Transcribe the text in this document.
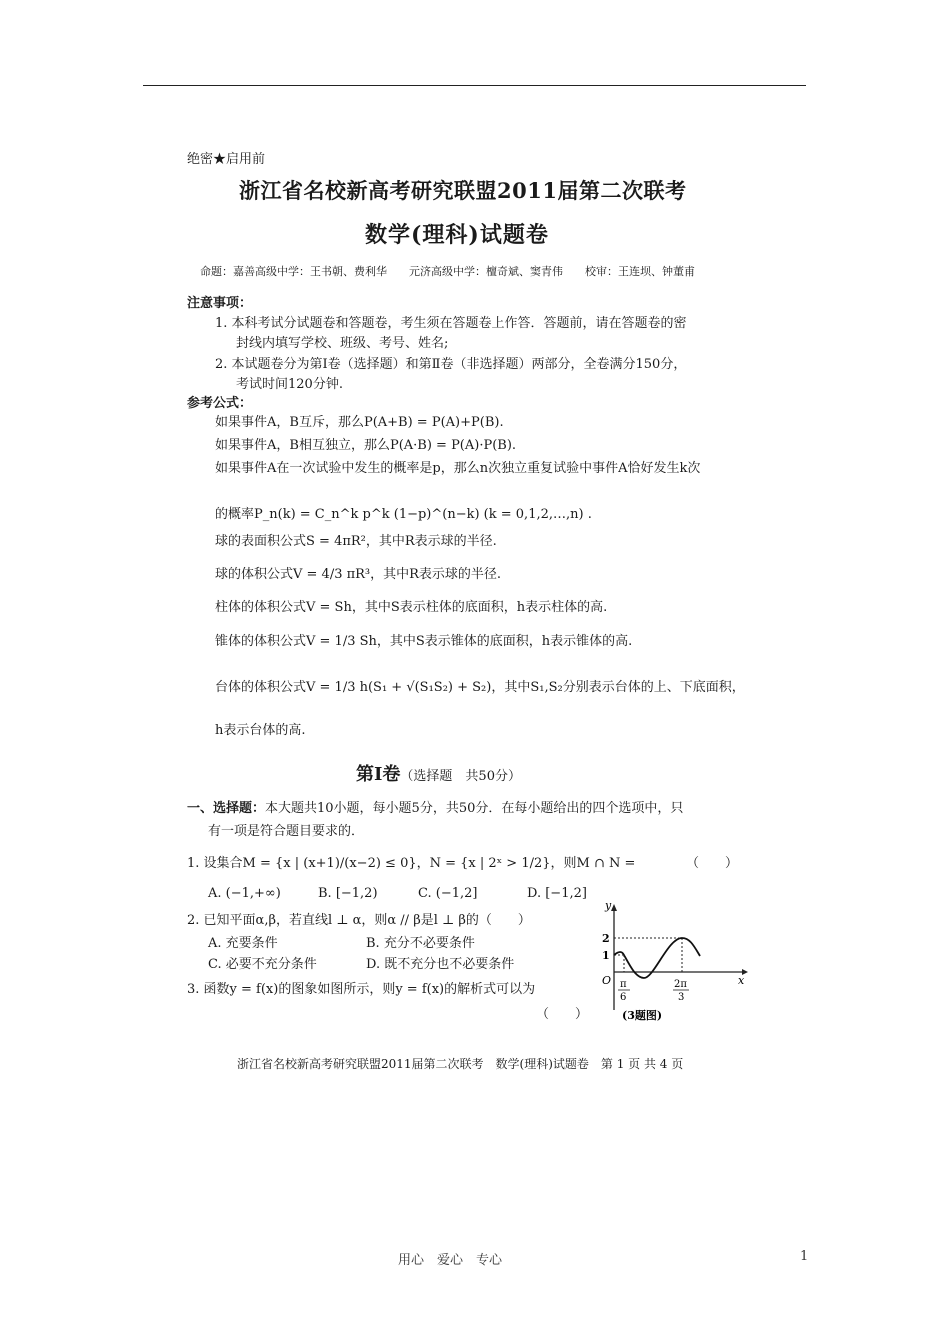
绝密★启用前
浙江省名校新高考研究联盟2011届第二次联考
数学(理科)试题卷
命题：嘉善高级中学：王书朝、费利华　　元济高级中学：檀奇斌、窦青伟　　校审：王连坝、钟董甫
注意事项：
1. 本科考试分试题卷和答题卷，考生须在答题卷上作答．答题前，请在答题卷的密
封线内填写学校、班级、考号、姓名;
2. 本试题卷分为第Ⅰ卷（选择题）和第Ⅱ卷（非选择题）两部分，全卷满分150分，
考试时间120分钟.
参考公式：
如果事件A，B互斥，那么P(A+B) = P(A)+P(B).
如果事件A，B相互独立，那么P(A·B) = P(A)·P(B).
如果事件A在一次试验中发生的概率是p，那么n次独立重复试验中事件A恰好发生k次
的概率P_n(k) = C_n^k p^k (1−p)^(n−k) (k = 0,1,2,…,n) .
球的表面积公式S = 4πR²，其中R表示球的半径.
球的体积公式V = 4/3 πR³，其中R表示球的半径.
柱体的体积公式V = Sh，其中S表示柱体的底面积，h表示柱体的高.
锥体的体积公式V = 1/3 Sh，其中S表示锥体的底面积，h表示锥体的高.
台体的体积公式V = 1/3 h(S₁ + √(S₁S₂) + S₂)，其中S₁,S₂分别表示台体的上、下底面积，
h表示台体的高.
第Ⅰ卷（选择题　共50分）
一、选择题：本大题共10小题，每小题5分，共50分．在每小题给出的四个选项中，只
有一项是符合题目要求的．
1. 设集合M = {x | (x+1)/(x−2) ≤ 0}，N = {x | 2ˣ > 1/2}，则M ∩ N =	（　　）
A. (−1,+∞)	B. [−1,2)	C. (−1,2]	D. [−1,2]
2. 已知平面α,β，若直线l ⊥ α，则α // β是l ⊥ β的（　　）
A. 充要条件	B. 充分不必要条件
C. 必要不充分条件	D. 既不充分也不必要条件
3. 函数y = f(x)的图象如图所示，则y = f(x)的解析式可以为
（　　）
y
x
O
2
1
π
6
2π
3
(3题图)
浙江省名校新高考研究联盟2011届第二次联考　数学(理科)试题卷　第 1 页 共 4 页
用心　爱心　专心	1
